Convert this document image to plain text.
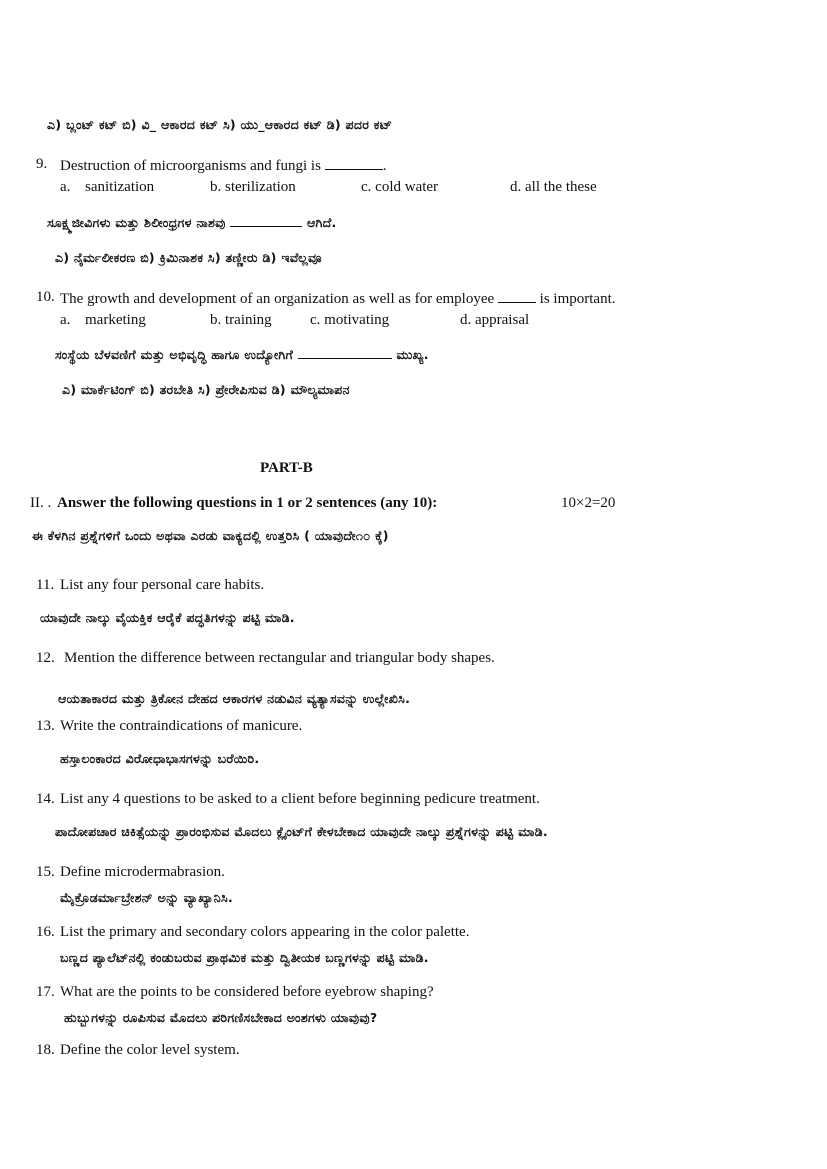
ಎ) ಬ್ಲಂಟ್ ಕಟ್ ಬಿ) ವಿ_ ಆಕಾರದ ಕಟ್ ಸಿ) ಯು_ಆಕಾರದ ಕಟ್ ಡಿ) ಪದರ ಕಟ್
9. Destruction of microorganisms and fungi is	.
a. sanitization	b. sterilization	c. cold water	d. all the these
ಸೂಕ್ಷ್ಮಜೀವಿಗಳು ಮತ್ತು ಶಿಲೀಂಧ್ರಗಳ ನಾಶವು	ಆಗಿದೆ.
ಎ) ನೈರ್ಮಲೀಕರಣ ಬಿ) ಕ್ರಿಮಿನಾಶಕ ಸಿ) ತಣ್ಣೀರು ಡಿ) ಇವೆಲ್ಲವೂ
10. The growth and development of an organization as well as for employee	is important.
a. marketing	b. training	c. motivating	d. appraisal
ಸಂಸ್ಥೆಯ ಬೆಳವಣಿಗೆ ಮತ್ತು ಅಭಿವೃದ್ಧಿ ಹಾಗೂ ಉದ್ಯೋಗಿಗೆ	ಮುಖ್ಯ.
ಎ) ಮಾರ್ಕೆಟಿಂಗ್ ಬಿ) ತರಬೇತಿ ಸಿ) ಪ್ರೇರೇಪಿಸುವ ಡಿ) ಮೌಲ್ಯಮಾಪನ
PART-B
II. . Answer the following questions in 1 or 2 sentences (any 10):	10×2=20
ಈ ಕೆಳಗಿನ ಪ್ರಶ್ನೆಗಳಿಗೆ ಒಂದು ಅಥವಾ ಎರಡು ವಾಕ್ಯದಲ್ಲಿ ಉತ್ತರಿಸಿ ( ಯಾವುದೇ೧೦ ಕ್ಕೆ)
11. List any four personal care habits.
ಯಾವುದೇ ನಾಲ್ಕು ವೈಯಕ್ತಿಕ ಆರೈಕೆ ಪದ್ಧತಿಗಳನ್ನು ಪಟ್ಟಿ ಮಾಡಿ.
12. Mention the difference between rectangular and triangular body shapes.
ಆಯತಾಕಾರದ ಮತ್ತು ತ್ರಿಕೋನ ದೇಹದ ಆಕಾರಗಳ ನಡುವಿನ ವ್ಯತ್ಯಾಸವನ್ನು ಉಲ್ಲೇಖಿಸಿ.
13. Write the contraindications of manicure.
ಹಸ್ತಾಲಂಕಾರದ ವಿರೋಧಾಭಾಸಗಳನ್ನು ಬರೆಯಿರಿ.
14. List any 4 questions to be asked to a client before beginning pedicure treatment.
ಪಾದೋಪಚಾರ ಚಿಕಿತ್ಸೆಯನ್ನು ಪ್ರಾರಂಭಿಸುವ ಮೊದಲು ಕ್ಲೈಂಟ್‌ಗೆ ಕೇಳಬೇಕಾದ ಯಾವುದೇ ನಾಲ್ಕು ಪ್ರಶ್ನೆಗಳನ್ನು ಪಟ್ಟಿ ಮಾಡಿ.
15. Define microdermabrasion.
ಮೈಕ್ರೊಡರ್ಮಾಬ್ರೇಶನ್ ಅನ್ನು ವ್ಯಾಖ್ಯಾನಿಸಿ.
16. List the primary and secondary colors appearing in the color palette.
ಬಣ್ಣದ ಪ್ಯಾಲೆಟ್‌ನಲ್ಲಿ ಕಂಡುಬರುವ ಪ್ರಾಥಮಿಕ ಮತ್ತು ದ್ವಿತೀಯಕ ಬಣ್ಣಗಳನ್ನು ಪಟ್ಟಿ ಮಾಡಿ.
17. What are the points to be considered before eyebrow shaping?
ಹುಬ್ಬುಗಳನ್ನು ರೂಪಿಸುವ ಮೊದಲು ಪರಿಗಣಿಸಬೇಕಾದ ಅಂಶಗಳು ಯಾವುವು?
18. Define the color level system.
